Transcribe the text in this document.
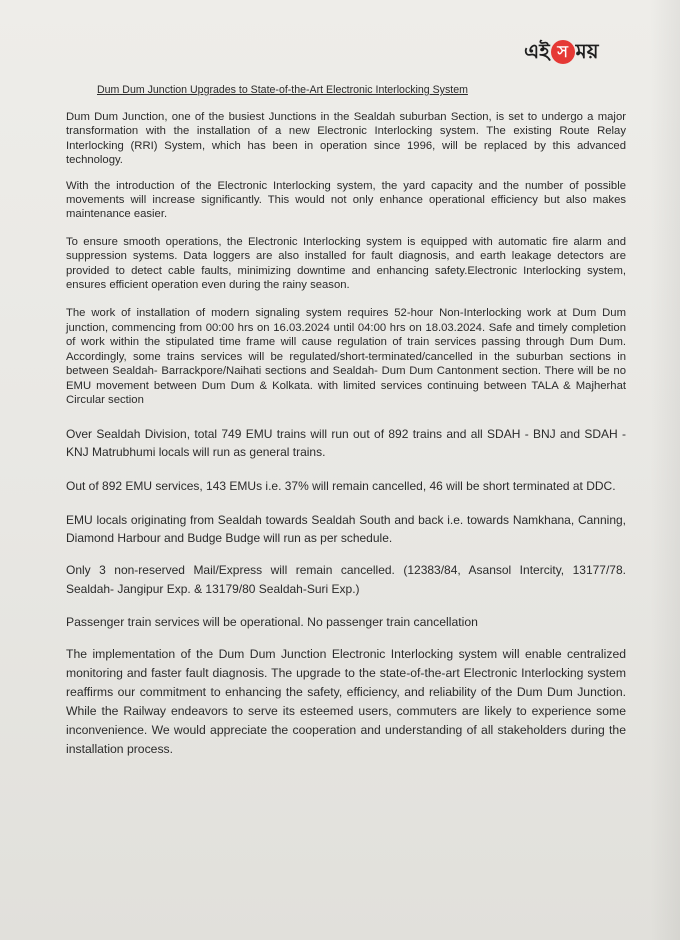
এই স ময়
Dum Dum Junction Upgrades to State-of-the-Art Electronic Interlocking System

Dum Dum Junction, one of the busiest Junctions in the Sealdah suburban Section, is set to undergo a major transformation with the installation of a new Electronic Interlocking system. The existing Route Relay Interlocking (RRI) System, which has been in operation since 1996, will be replaced by this advanced technology.

With the introduction of the Electronic Interlocking system, the yard capacity and the number of possible movements will increase significantly. This would not only enhance operational efficiency but also makes maintenance easier.

To ensure smooth operations, the Electronic Interlocking system is equipped with automatic fire alarm and suppression systems. Data loggers are also installed for fault diagnosis, and earth leakage detectors are provided to detect cable faults, minimizing downtime and enhancing safety.Electronic Interlocking system, ensures efficient operation even during the rainy season.

The work of installation of modern signaling system requires 52-hour Non-Interlocking work at Dum Dum junction, commencing from 00:00 hrs on 16.03.2024 until 04:00 hrs on 18.03.2024. Safe and timely completion of work within the stipulated time frame will cause regulation of train services passing through Dum Dum. Accordingly, some trains services will be regulated/short-terminated/cancelled in the suburban sections in between Sealdah- Barrackpore/Naihati sections and Sealdah- Dum Dum Cantonment section. There will be no EMU movement between Dum Dum & Kolkata. with limited services continuing between TALA & Majherhat Circular section

Over Sealdah Division, total 749 EMU trains will run out of 892 trains and all SDAH - BNJ and SDAH - KNJ Matrubhumi locals will run as general trains.

Out of 892 EMU services, 143 EMUs i.e. 37% will remain cancelled, 46 will be short terminated at DDC.

EMU locals originating from Sealdah towards Sealdah South and back i.e. towards Namkhana, Canning, Diamond Harbour and Budge Budge will run as per schedule.

Only 3 non-reserved Mail/Express will remain cancelled. (12383/84, Asansol Intercity, 13177/78. Sealdah- Jangipur Exp. & 13179/80 Sealdah-Suri Exp.)

Passenger train services will be operational. No passenger train cancellation

The implementation of the Dum Dum Junction Electronic Interlocking system will enable centralized monitoring and faster fault diagnosis. The upgrade to the state-of-the-art Electronic Interlocking system reaffirms our commitment to enhancing the safety, efficiency, and reliability of the Dum Dum Junction. While the Railway endeavors to serve its esteemed users, commuters are likely to experience some inconvenience. We would appreciate the cooperation and understanding of all stakeholders during the installation process.
